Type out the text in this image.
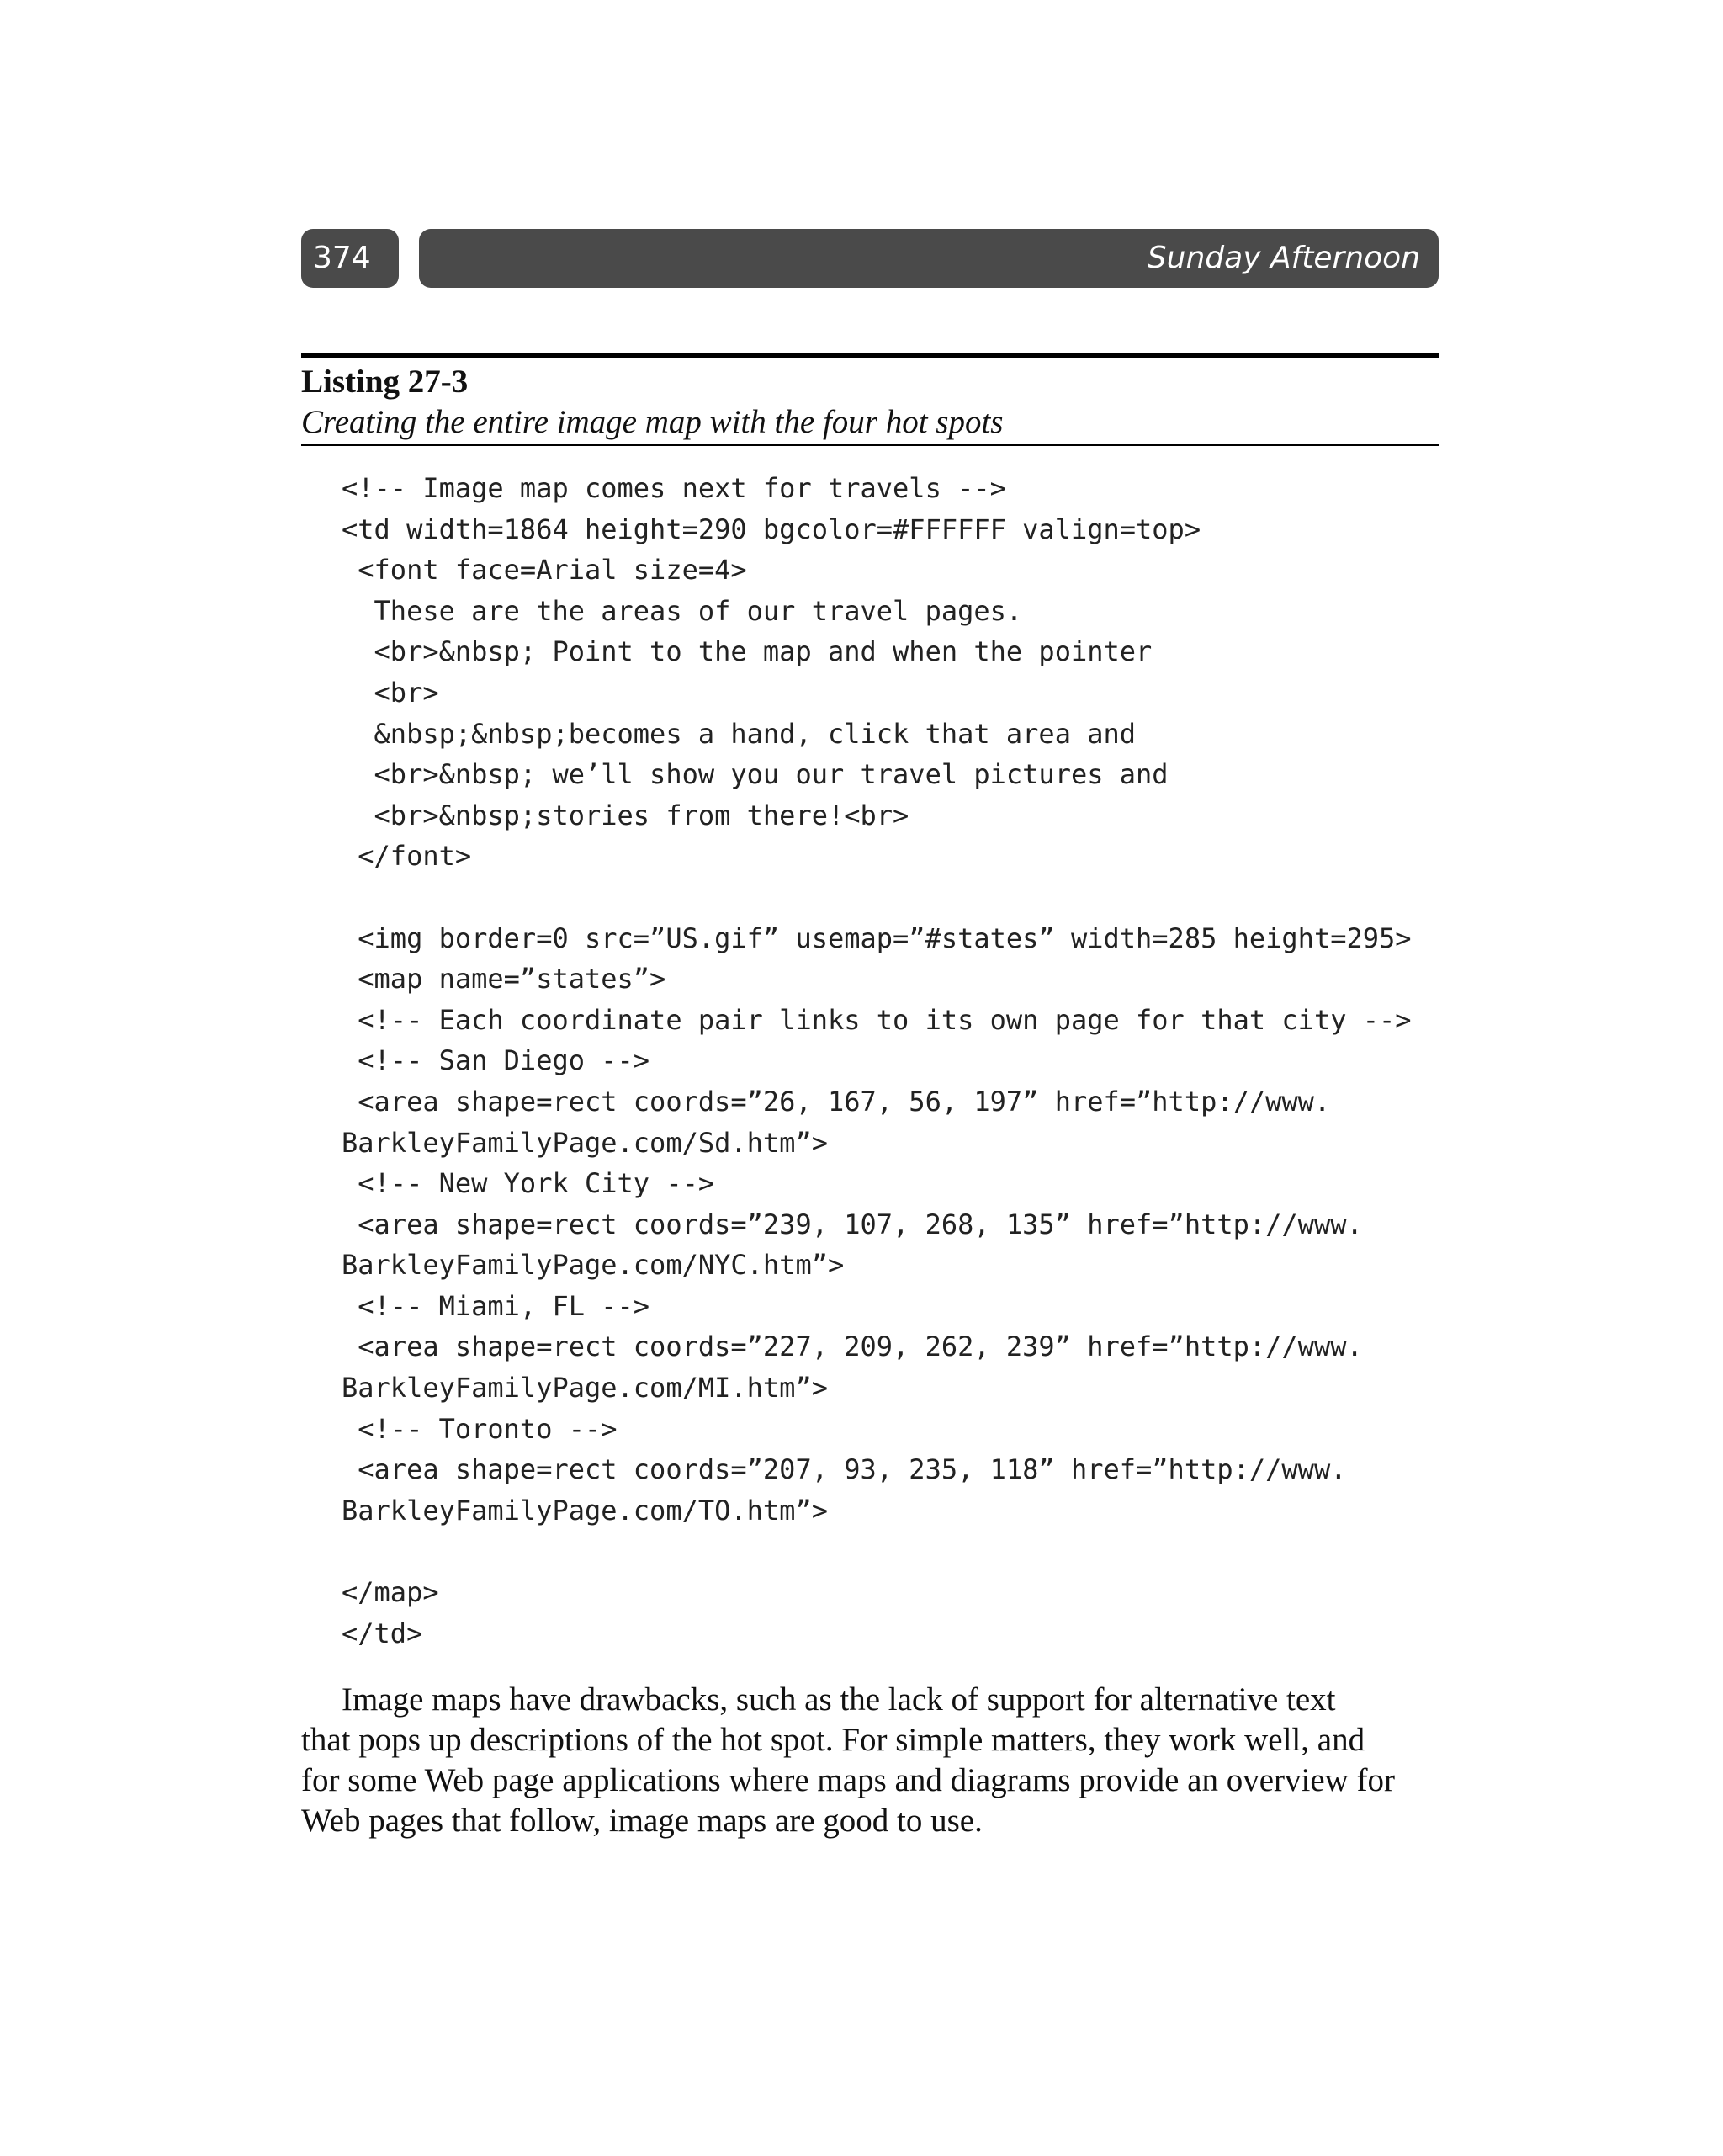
374	Sunday Afternoon
Listing 27-3
Creating the entire image map with the four hot spots
<!-- Image map comes next for travels -->
<td width=1864 height=290 bgcolor=#FFFFFF valign=top>
<font face=Arial size=4>
These are the areas of our travel pages.
<br>&nbsp; Point to the map and when the pointer
<br>
&nbsp;&nbsp;becomes a hand, click that area and
<br>&nbsp; we’ll show you our travel pictures and
<br>&nbsp;stories from there!<br>
</font>
<img border=0 src=”US.gif” usemap=”#states” width=285 height=295>
<map name=”states”>
<!-- Each coordinate pair links to its own page for that city -->
<!-- San Diego -->
<area shape=rect coords=”26, 167, 56, 197” href=”http://www.
BarkleyFamilyPage.com/Sd.htm”>
<!-- New York City -->
<area shape=rect coords=”239, 107, 268, 135” href=”http://www.
BarkleyFamilyPage.com/NYC.htm”>
<!-- Miami, FL -->
<area shape=rect coords=”227, 209, 262, 239” href=”http://www.
BarkleyFamilyPage.com/MI.htm”>
<!-- Toronto -->
<area shape=rect coords=”207, 93, 235, 118” href=”http://www.
BarkleyFamilyPage.com/TO.htm”>
</map>
</td>
Image maps have drawbacks, such as the lack of support for alternative text
that pops up descriptions of the hot spot. For simple matters, they work well, and
for some Web page applications where maps and diagrams provide an overview for
Web pages that follow, image maps are good to use.
